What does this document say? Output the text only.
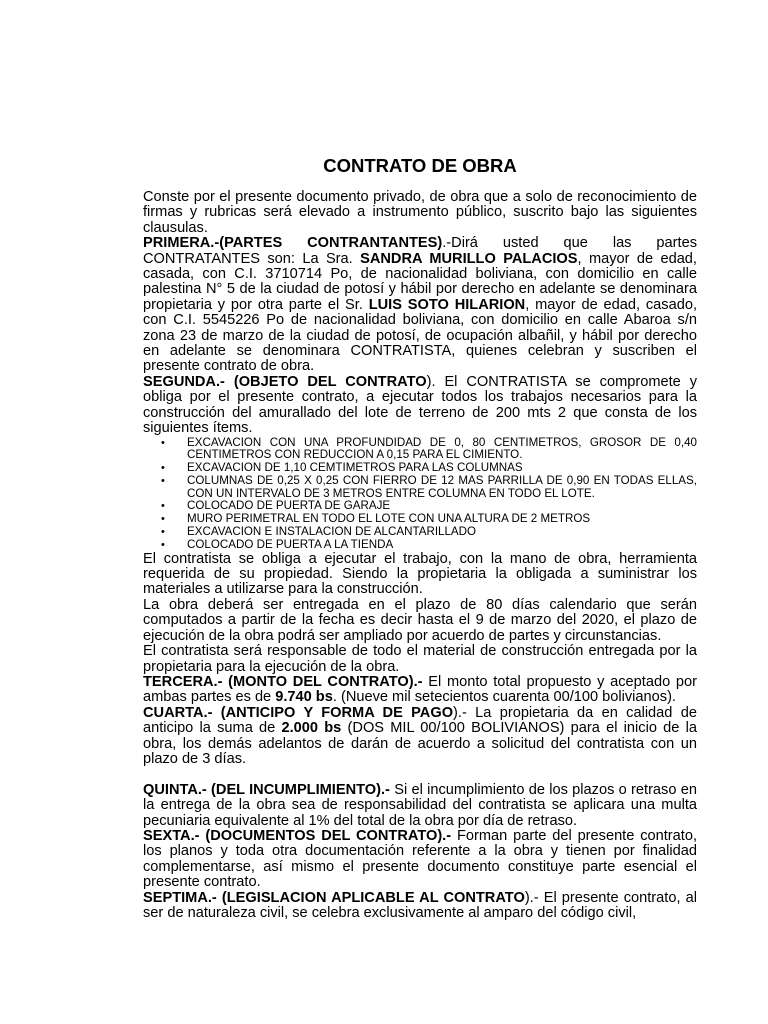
CONTRATO DE OBRA

Conste por el presente documento privado, de obra que a solo de reconocimiento de firmas y rubricas será elevado a instrumento público, suscrito bajo las siguientes clausulas.

PRIMERA.-(PARTES CONTRANTANTES).-Dirá usted que las partes CONTRATANTES son: La Sra. SANDRA MURILLO PALACIOS, mayor de edad, casada, con C.I. 3710714 Po, de nacionalidad boliviana, con domicilio en calle palestina N° 5 de la ciudad de potosí y hábil por derecho en adelante se denominara propietaria y por otra parte el Sr. LUIS SOTO HILARION, mayor de edad, casado, con C.I. 5545226 Po de nacionalidad boliviana, con domicilio en calle Abaroa s/n zona 23 de marzo de la ciudad de potosí, de ocupación albañil, y hábil por derecho en adelante se denominara CONTRATISTA, quienes celebran y suscriben el presente contrato de obra.

SEGUNDA.- (OBJETO DEL CONTRATO). El CONTRATISTA se compromete y obliga por el presente contrato, a ejecutar todos los trabajos necesarios para la construcción del amurallado del lote de terreno de 200 mts 2 que consta de los siguientes ítems.

• EXCAVACION CON UNA PROFUNDIDAD DE 0, 80 CENTIMETROS, GROSOR DE 0,40 CENTIMETROS CON REDUCCION A 0,15 PARA EL CIMIENTO.
• EXCAVACION DE 1,10 CEMTIMETROS PARA LAS COLUMNAS
• COLUMNAS DE 0,25 X 0,25 CON FIERRO DE 12 MAS PARRILLA DE 0,90 EN TODAS ELLAS, CON UN INTERVALO DE 3 METROS ENTRE COLUMNA EN TODO EL LOTE.
• COLOCADO DE PUERTA DE GARAJE
• MURO PERIMETRAL EN TODO EL LOTE CON UNA ALTURA DE 2 METROS
• EXCAVACION E INSTALACION DE ALCANTARILLADO
• COLOCADO DE PUERTA A LA TIENDA

El contratista se obliga a ejecutar el trabajo, con la mano de obra, herramienta requerida de su propiedad. Siendo la propietaria la obligada a suministrar los materiales a utilizarse para la construcción.

La obra deberá ser entregada en el plazo de 80 días calendario que serán computados a partir de la fecha es decir hasta el 9 de marzo del 2020, el plazo de ejecución de la obra podrá ser ampliado por acuerdo de partes y circunstancias.

El contratista será responsable de todo el material de construcción entregada por la propietaria para la ejecución de la obra.

TERCERA.- (MONTO DEL CONTRATO).- El monto total propuesto y aceptado por ambas partes es de 9.740 bs. (Nueve mil setecientos cuarenta 00/100 bolivianos).

CUARTA.- (ANTICIPO Y FORMA DE PAGO).- La propietaria da en calidad de anticipo la suma de 2.000 bs (DOS MIL 00/100 BOLIVIANOS) para el inicio de la obra, los demás adelantos de darán de acuerdo a solicitud del contratista con un plazo de 3 días.

QUINTA.- (DEL INCUMPLIMIENTO).- Si el incumplimiento de los plazos o retraso en la entrega de la obra sea de responsabilidad del contratista se aplicara una multa pecuniaria equivalente al 1% del total de la obra por día de retraso.

SEXTA.- (DOCUMENTOS DEL CONTRATO).- Forman parte del presente contrato, los planos y toda otra documentación referente a la obra y tienen por finalidad complementarse, así mismo el presente documento constituye parte esencial el presente contrato.

SEPTIMA.- (LEGISLACION APLICABLE AL CONTRATO).- El presente contrato, al ser de naturaleza civil, se celebra exclusivamente al amparo del código civil,
